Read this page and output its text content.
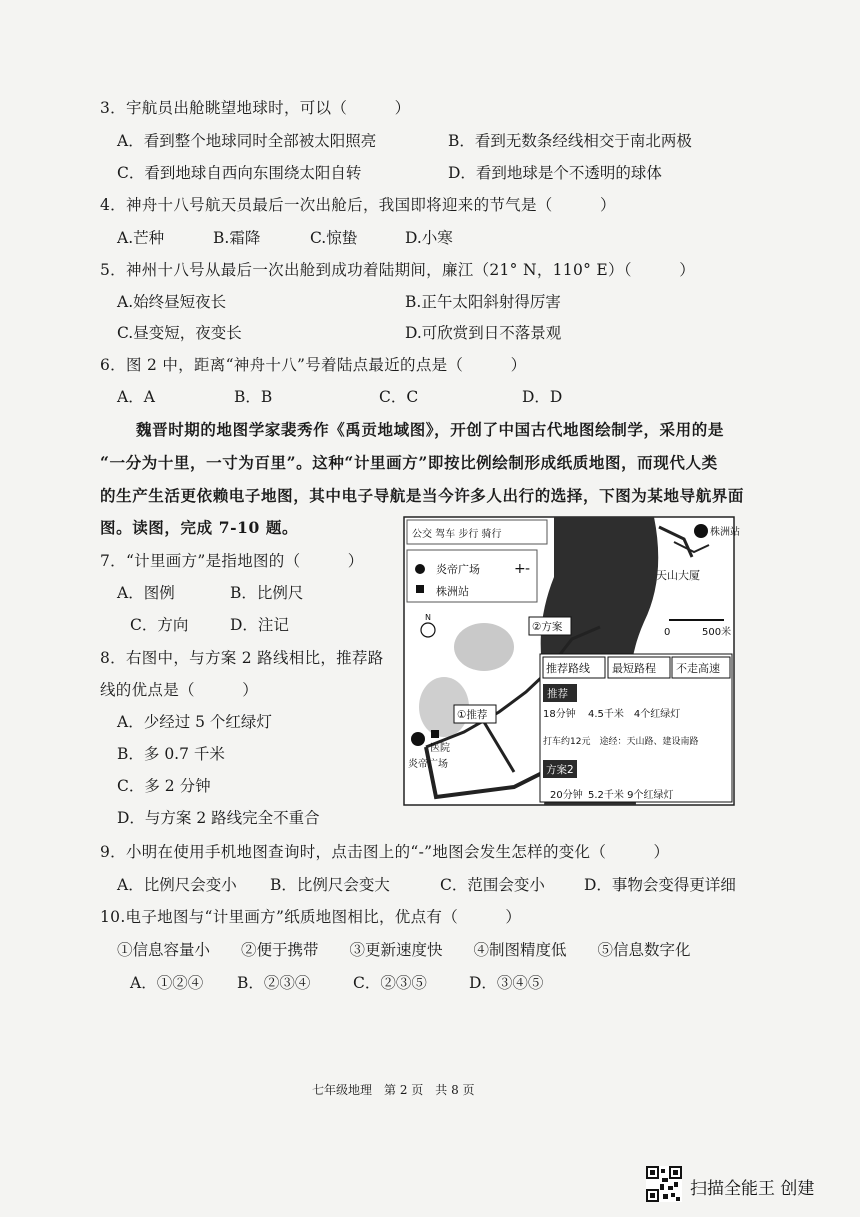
3．宇航员出舱眺望地球时，可以（　　　）
A．看到整个地球同时全部被太阳照亮	B．看到无数条经线相交于南北两极
C．看到地球自西向东围绕太阳自转	D．看到地球是个不透明的球体
4．神舟十八号航天员最后一次出舱后，我国即将迎来的节气是（　　　）
A.芒种	B.霜降	C.惊蛰	D.小寒
5．神州十八号从最后一次出舱到成功着陆期间，廉江（21° N，110° E）（　　　）
A.始终昼短夜长	B.正午太阳斜射得厉害
C.昼变短，夜变长	D.可欣赏到日不落景观
6．图 2 中，距离“神舟十八”号着陆点最近的点是（　　　）
A．A	B．B	C．C	D．D
魏晋时期的地图学家裴秀作《禹贡地域图》，开创了中国古代地图绘制学，采用的是
“一分为十里，一寸为百里”。这种“计里画方”即按比例绘制形成纸质地图，而现代人类
的生产生活更依赖电子地图，其中电子导航是当今许多人出行的选择，下图为某地导航界面
图。读图，完成 7-10 题。
7．“计里画方”是指地图的（　　　）
A．图例	B．比例尺
C．方向	D．注记
8．右图中，与方案 2 路线相比，推荐路
线的优点是（　　　）
A．少经过 5 个红绿灯
B．多 0.7 千米
C．多 2 分钟
D．与方案 2 路线完全不重合
公交 驾车 步行 骑行
炎帝广场 + -
株洲站
N
株洲站
天山大厦
0	500米
②方案
①推荐
医院
炎帝广场
推荐路线 最短路程 不走高速
推荐
18分钟 4.5千米　4个红绿灯
打车约12元　途经：天山路、建设南路
方案2
20分钟 5.2千米 9个红绿灯
9．小明在使用手机地图查询时，点击图上的“-”地图会发生怎样的变化（　　　）
A．比例尺会变小 B．比例尺会变大	C．范围会变小	D．事物会变得更详细
10.电子地图与“计里画方”纸质地图相比，优点有（　　　）
①信息容量小　　②便于携带　　③更新速度快　　④制图精度低　　⑤信息数字化
A．①②④ B．②③④	C．②③⑤	D．③④⑤
七年级地理　第 2 页　共 8 页
扫描全能王 创建
